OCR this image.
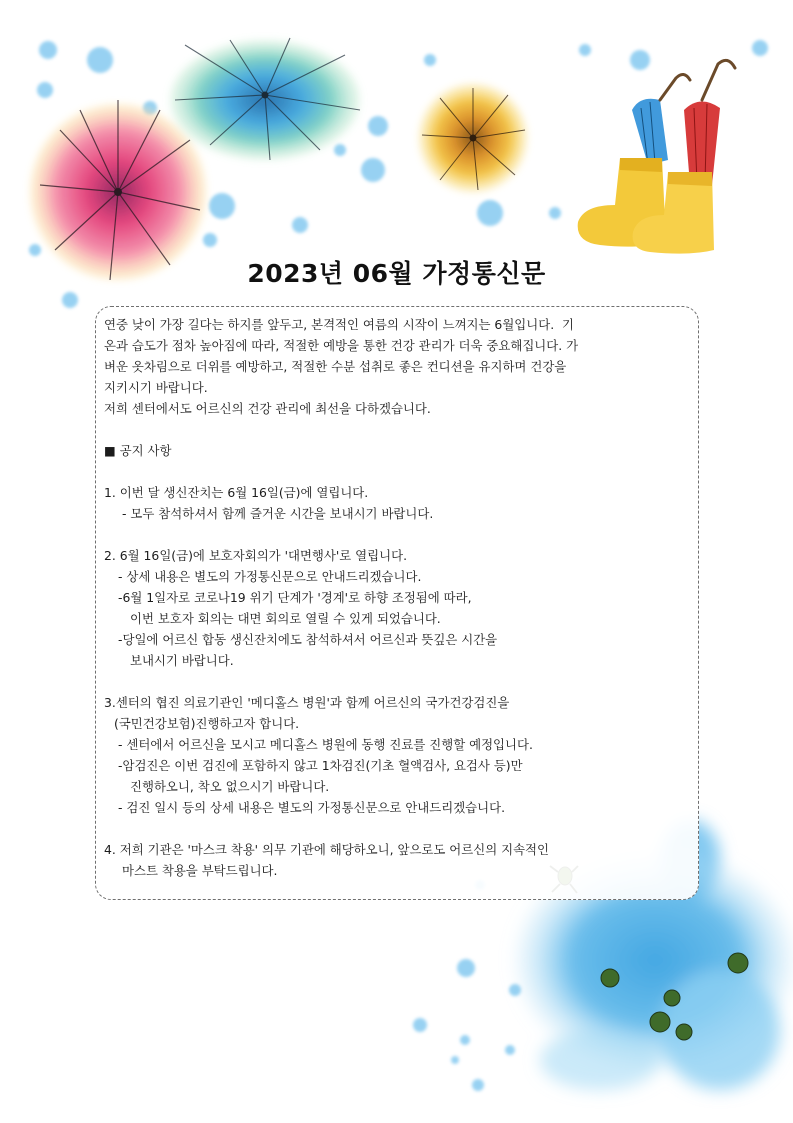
2023년 06월 가정통신문

연중 낮이 가장 길다는 하지를 앞두고, 본격적인 여름의 시작이 느껴지는 6월입니다.  기

온과 습도가 점차 높아짐에 따라, 적절한 예방을 통한 건강 관리가 더욱 중요해집니다. 가

벼운 옷차림으로 더위를 예방하고, 적절한 수분 섭취로 좋은 컨디션을 유지하며 건강을

지키시기 바랍니다.

저희 센터에서도 어르신의 건강 관리에 최선을 다하겠습니다.

■ 공지 사항

1. 이번 달 생신잔치는 6월 16일(금)에 열립니다.

- 모두 참석하셔서 함께 즐거운 시간을 보내시기 바랍니다.

2. 6월 16일(금)에 보호자회의가 '대면행사'로 열립니다.

- 상세 내용은 별도의 가정통신문으로 안내드리겠습니다.

-6월 1일자로 코로나19 위기 단계가 '경계'로 하향 조정됨에 따라,

이번 보호자 회의는 대면 회의로 열릴 수 있게 되었습니다.

-당일에 어르신 합동 생신잔치에도 참석하셔서 어르신과 뜻깊은 시간을

보내시기 바랍니다.

3.센터의 협진 의료기관인 '메디홀스 병원'과 함께 어르신의 국가건강검진을

(국민건강보험)진행하고자 합니다.

- 센터에서 어르신을 모시고 메디홀스 병원에 동행 진료를 진행할 예정입니다.

-암검진은 이번 검진에 포함하지 않고 1차검진(기초 혈액검사, 요검사 등)만

진행하오니, 착오 없으시기 바랍니다.

- 검진 일시 등의 상세 내용은 별도의 가정통신문으로 안내드리겠습니다.

4. 저희 기관은 '마스크 착용' 의무 기관에 해당하오니, 앞으로도 어르신의 지속적인

마스트 착용을 부탁드립니다.
